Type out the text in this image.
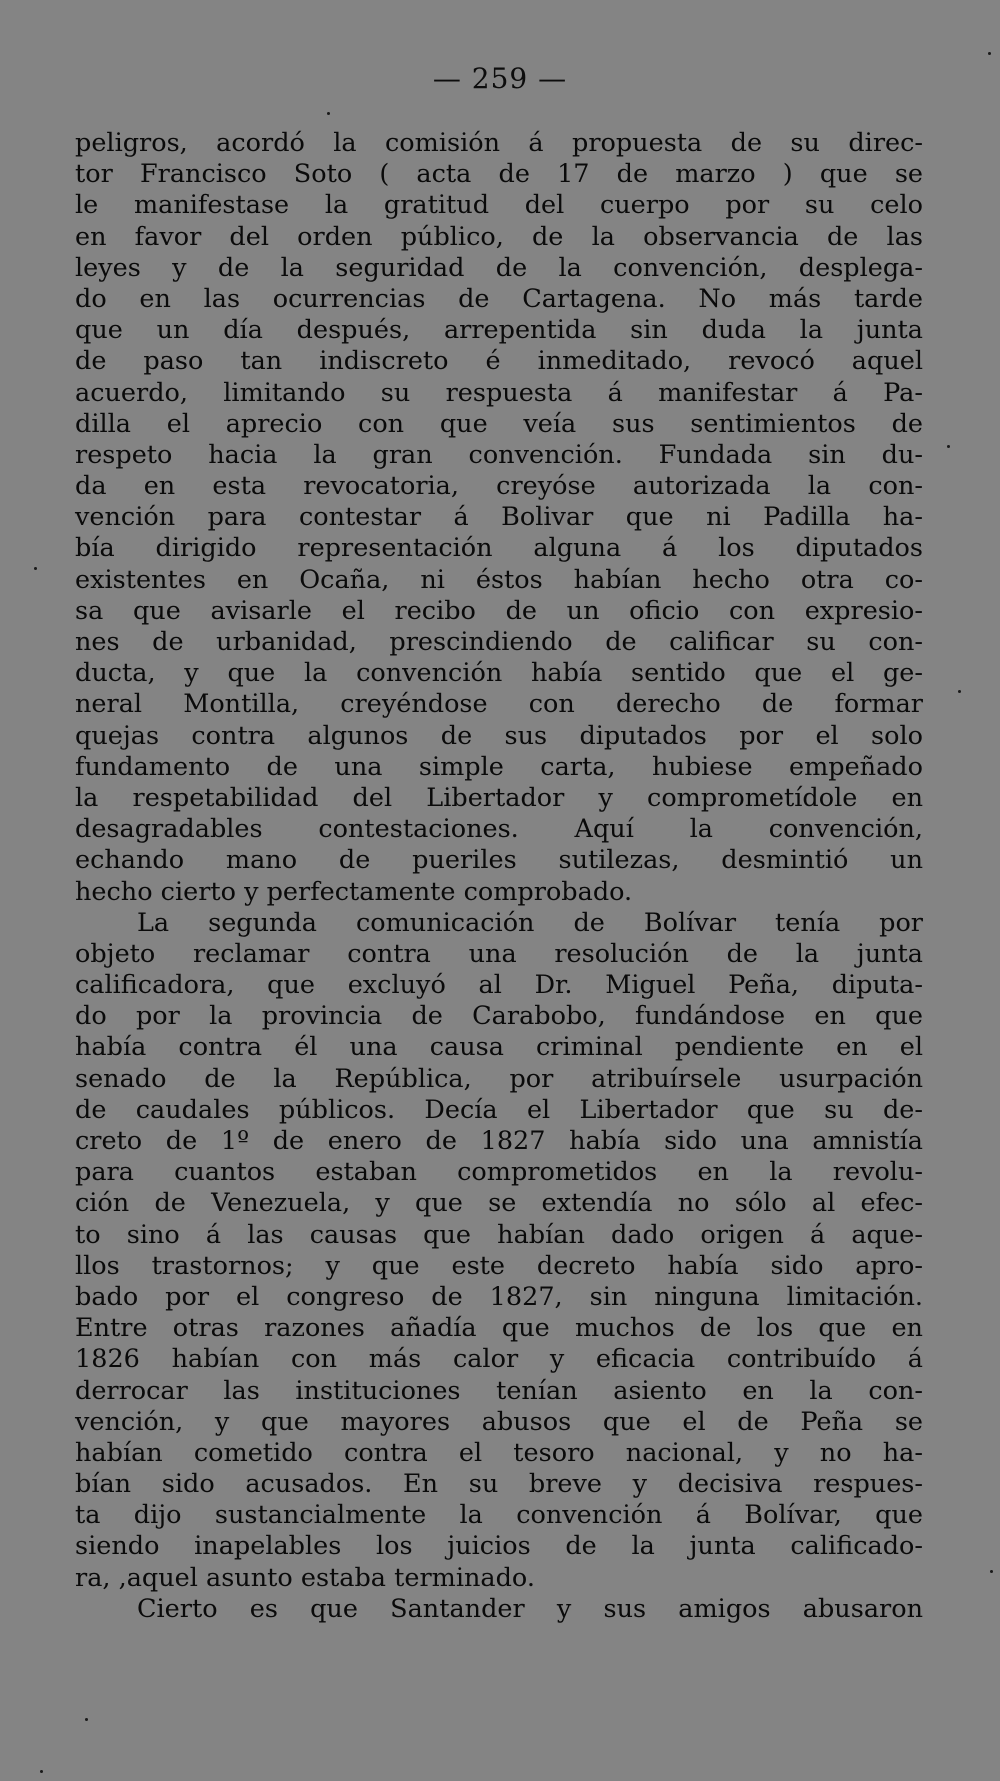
— 259 —
peligros, acordó la comisión á propuesta de su direc-
tor Francisco Soto ( acta de 17 de marzo ) que se
le manifestase la gratitud del cuerpo por su celo
en favor del orden público, de la observancia de las
leyes y de la seguridad de la convención, desplega-
do en las ocurrencias de Cartagena. No más tarde
que un día después, arrepentida sin duda la junta
de paso tan indiscreto é inmeditado, revocó aquel
acuerdo, limitando su respuesta á manifestar á Pa-
dilla el aprecio con que veía sus sentimientos de
respeto hacia la gran convención. Fundada sin du-
da en esta revocatoria, creyóse autorizada la con-
vención para contestar á Bolivar que ni Padilla ha-
bía dirigido representación alguna á los diputados
existentes en Ocaña, ni éstos habían hecho otra co-
sa que avisarle el recibo de un oficio con expresio-
nes de urbanidad, prescindiendo de calificar su con-
ducta, y que la convención había sentido que el ge-
neral Montilla, creyéndose con derecho de formar
quejas contra algunos de sus diputados por el solo
fundamento de una simple carta, hubiese empeñado
la respetabilidad del Libertador y comprometídole en
desagradables contestaciones. Aquí la convención,
echando mano de pueriles sutilezas, desmintió un
hecho cierto y perfectamente comprobado.
La segunda comunicación de Bolívar tenía por
objeto reclamar contra una resolución de la junta
calificadora, que excluyó al Dr. Miguel Peña, diputa-
do por la provincia de Carabobo, fundándose en que
había contra él una causa criminal pendiente en el
senado de la República, por atribuírsele usurpación
de caudales públicos. Decía el Libertador que su de-
creto de 1º de enero de 1827 había sido una amnistía
para cuantos estaban comprometidos en la revolu-
ción de Venezuela, y que se extendía no sólo al efec-
to sino á las causas que habían dado origen á aque-
llos trastornos; y que este decreto había sido apro-
bado por el congreso de 1827, sin ninguna limitación.
Entre otras razones añadía que muchos de los que en
1826 habían con más calor y eficacia contribuído á
derrocar las instituciones tenían asiento en la con-
vención, y que mayores abusos que el de Peña se
habían cometido contra el tesoro nacional, y no ha-
bían sido acusados. En su breve y decisiva respues-
ta dijo sustancialmente la convención á Bolívar, que
siendo inapelables los juicios de la junta calificado-
ra, ,aquel asunto estaba terminado.
Cierto es que Santander y sus amigos abusaron
